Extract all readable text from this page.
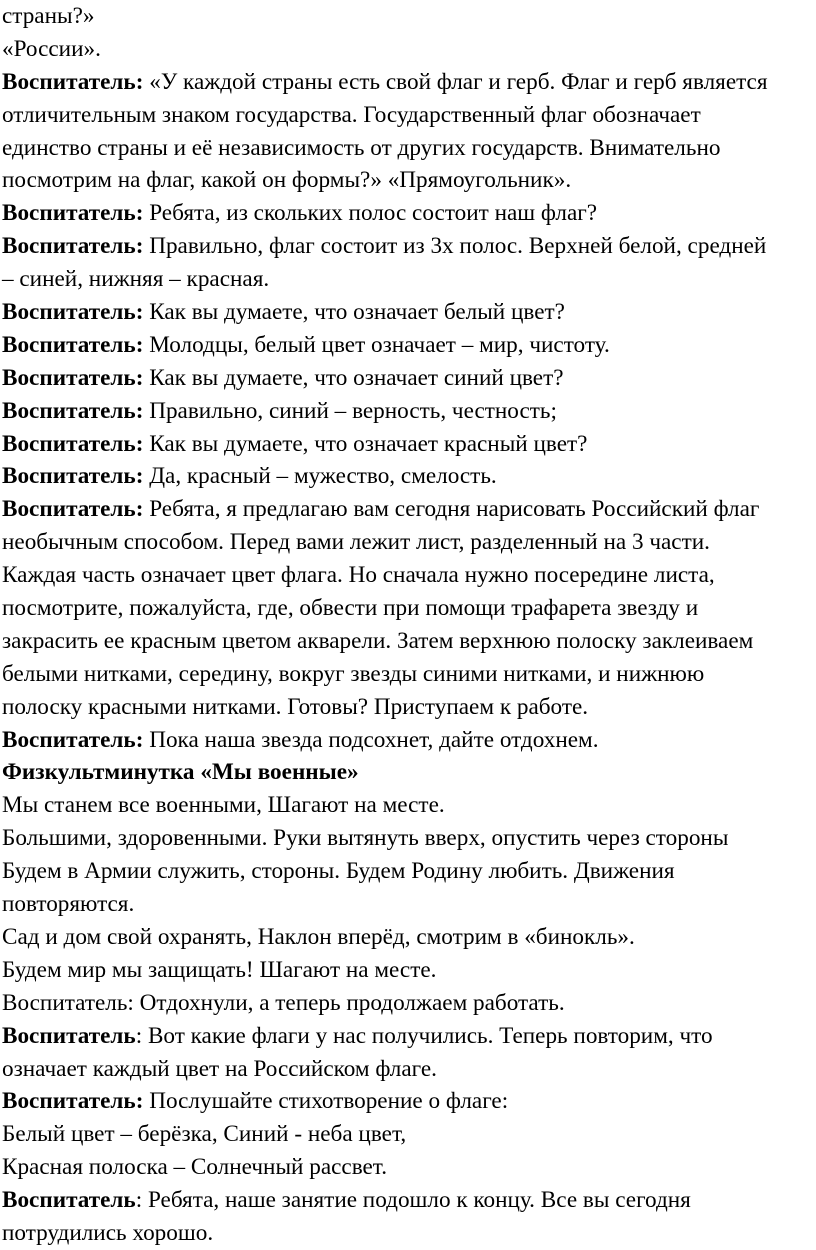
страны?»
«России».
Воспитатель: «У каждой страны есть свой флаг и герб. Флаг и герб является
отличительным знаком государства. Государственный флаг обозначает
единство страны и её независимость от других государств. Внимательно
посмотрим на флаг, какой он формы?» «Прямоугольник».
Воспитатель: Ребята, из скольких полос состоит наш флаг?
Воспитатель: Правильно, флаг состоит из 3х полос. Верхней белой, средней
– синей, нижняя – красная.
Воспитатель: Как вы думаете, что означает белый цвет?
Воспитатель: Молодцы, белый цвет означает – мир, чистоту.
Воспитатель: Как вы думаете, что означает синий цвет?
Воспитатель: Правильно, синий – верность, честность;
Воспитатель: Как вы думаете, что означает красный цвет?
Воспитатель: Да, красный – мужество, смелость.
Воспитатель: Ребята, я предлагаю вам сегодня нарисовать Российский флаг
необычным способом. Перед вами лежит лист, разделенный на 3 части.
Каждая часть означает цвет флага. Но сначала нужно посередине листа,
посмотрите, пожалуйста, где, обвести при помощи трафарета звезду и
закрасить ее красным цветом акварели. Затем верхнюю полоску заклеиваем
белыми нитками, середину, вокруг звезды синими нитками, и нижнюю
полоску красными нитками. Готовы? Приступаем к работе.
Воспитатель: Пока наша звезда подсохнет, дайте отдохнем.
Физкультминутка «Мы военные»
Мы станем все военными, Шагают на месте.
Большими, здоровенными. Руки вытянуть вверх, опустить через стороны
Будем в Армии служить, стороны. Будем Родину любить. Движения
повторяются.
Сад и дом свой охранять, Наклон вперёд, смотрим в «бинокль».
Будем мир мы защищать! Шагают на месте.
Воспитатель: Отдохнули, а теперь продолжаем работать.
Воспитатель: Вот какие флаги у нас получились. Теперь повторим, что
означает каждый цвет на Российском флаге.
Воспитатель: Послушайте стихотворение о флаге:
Белый цвет – берёзка, Синий - неба цвет,
Красная полоска – Солнечный рассвет.
Воспитатель: Ребята, наше занятие подошло к концу. Все вы сегодня
потрудились хорошо.
